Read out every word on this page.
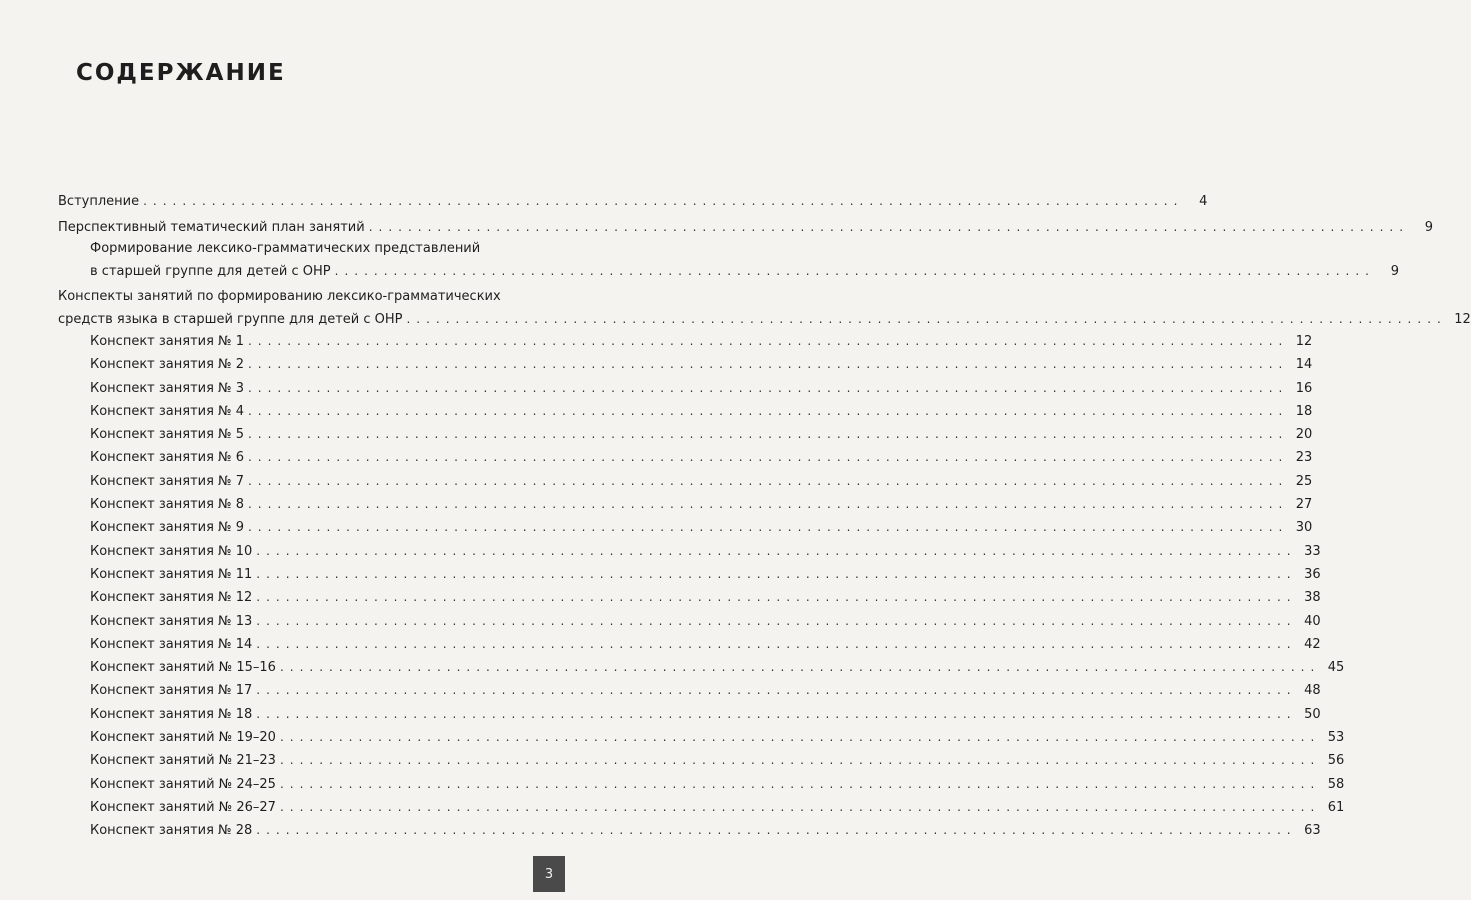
СОДЕРЖАНИЕ
Вступление ..........................................................................................................	4
Перспективный тематический план занятий ..........................................................................................................	9
Формирование лексико-грамматических представлений
в старшей группе для детей с ОНР ..........................................................................................................	9
Конспекты занятий по формированию лексико-грамматических
средств языка в старшей группе для детей с ОНР .......................................................................................................... 12
Конспект занятия № 1 .......................................................................................................... 12
Конспект занятия № 2 .......................................................................................................... 14
Конспект занятия № 3 .......................................................................................................... 16
Конспект занятия № 4 .......................................................................................................... 18
Конспект занятия № 5 .......................................................................................................... 20
Конспект занятия № 6 .......................................................................................................... 23
Конспект занятия № 7 .......................................................................................................... 25
Конспект занятия № 8 .......................................................................................................... 27
Конспект занятия № 9 .......................................................................................................... 30
Конспект занятия № 10 .......................................................................................................... 33
Конспект занятия № 11 .......................................................................................................... 36
Конспект занятия № 12 .......................................................................................................... 38
Конспект занятия № 13 .......................................................................................................... 40
Конспект занятия № 14 .......................................................................................................... 42
Конспект занятий № 15–16 .......................................................................................................... 45
Конспект занятия № 17 .......................................................................................................... 48
Конспект занятия № 18 .......................................................................................................... 50
Конспект занятий № 19–20 .......................................................................................................... 53
Конспект занятий № 21–23 .......................................................................................................... 56
Конспект занятий № 24–25 .......................................................................................................... 58
Конспект занятий № 26–27 .......................................................................................................... 61
Конспект занятия № 28 .......................................................................................................... 63
3
